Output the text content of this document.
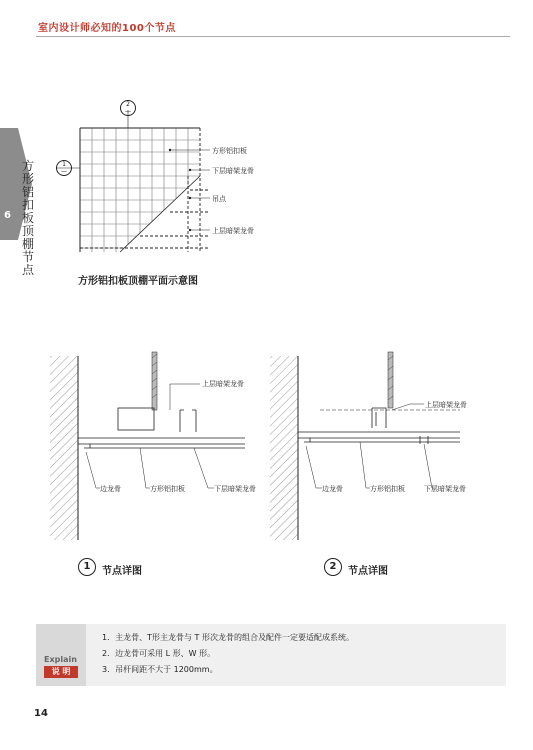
室内设计师必知的100个节点
6
方形铝扣板顶棚节点
2
—
1
—
方形铝扣板
下层暗架龙骨
吊点
上层暗架龙骨
方形铝扣板顶棚平面示意图
上层暗架龙骨
边龙骨	方形铝扣板	下层暗架龙骨
1	节点详图
上层暗架龙骨
边龙骨	方形铝扣板	下层暗架龙骨
2	节点详图
Explain
说 明
1．主龙骨、T形主龙骨与 T 形次龙骨的组合及配件一定要适配成系统。
2．边龙骨可采用 L 形、W 形。
3．吊杆间距不大于 1200mm。
14
